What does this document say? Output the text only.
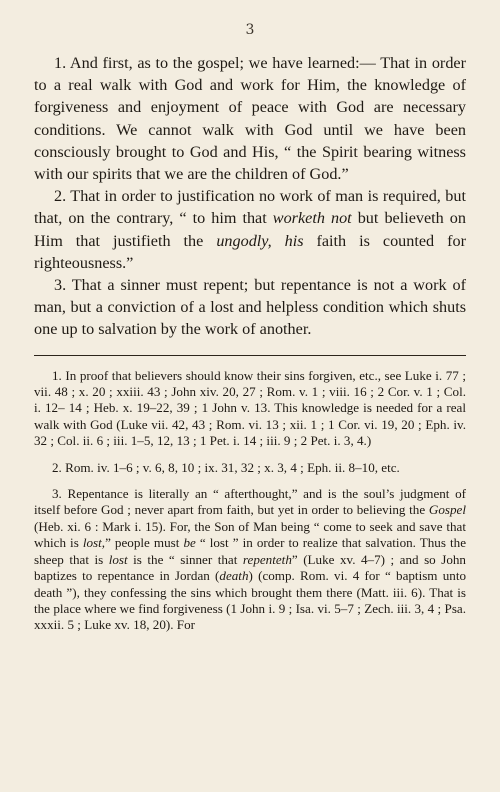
3

1. And first, as to the gospel; we have learned:— That in order to a real walk with God and work for Him, the knowledge of forgiveness and enjoyment of peace with God are necessary conditions. We cannot walk with God until we have been consciously brought to God and His, “ the Spirit bearing witness with our spirits that we are the children of God.”

2. That in order to justification no work of man is required, but that, on the contrary, “ to him that worketh not but believeth on Him that justifieth the ungodly, his faith is counted for righteousness.”

3. That a sinner must repent; but repentance is not a work of man, but a conviction of a lost and helpless condition which shuts one up to salvation by the work of another.

1. In proof that believers should know their sins forgiven, etc., see Luke i. 77 ; vii. 48 ; x. 20 ; xxiii. 43 ; John xiv. 20, 27 ; Rom. v. 1 ; viii. 16 ; 2 Cor. v. 1 ; Col. i. 12– 14 ; Heb. x. 19–22, 39 ; 1 John v. 13. This knowledge is needed for a real walk with God (Luke vii. 42, 43 ; Rom. vi. 13 ; xii. 1 ; 1 Cor. vi. 19, 20 ; Eph. iv. 32 ; Col. ii. 6 ; iii. 1–5, 12, 13 ; 1 Pet. i. 14 ; iii. 9 ; 2 Pet. i. 3, 4.)

2. Rom. iv. 1–6 ; v. 6, 8, 10 ; ix. 31, 32 ; x. 3, 4 ; Eph. ii. 8–10, etc.

3. Repentance is literally an “ afterthought,” and is the soul’s judgment of itself before God ; never apart from faith, but yet in order to believing the Gospel (Heb. xi. 6 : Mark i. 15). For, the Son of Man being “ come to seek and save that which is lost,” people must be “ lost ” in order to realize that salvation. Thus the sheep that is lost is the “ sinner that repenteth” (Luke xv. 4–7) ; and so John baptizes to repentance in Jordan (death) (comp. Rom. vi. 4 for “ baptism unto death ”), they confessing the sins which brought them there (Matt. iii. 6). That is the place where we find forgiveness (1 John i. 9 ; Isa. vi. 5–7 ; Zech. iii. 3, 4 ; Psa. xxxii. 5 ; Luke xv. 18, 20). For
